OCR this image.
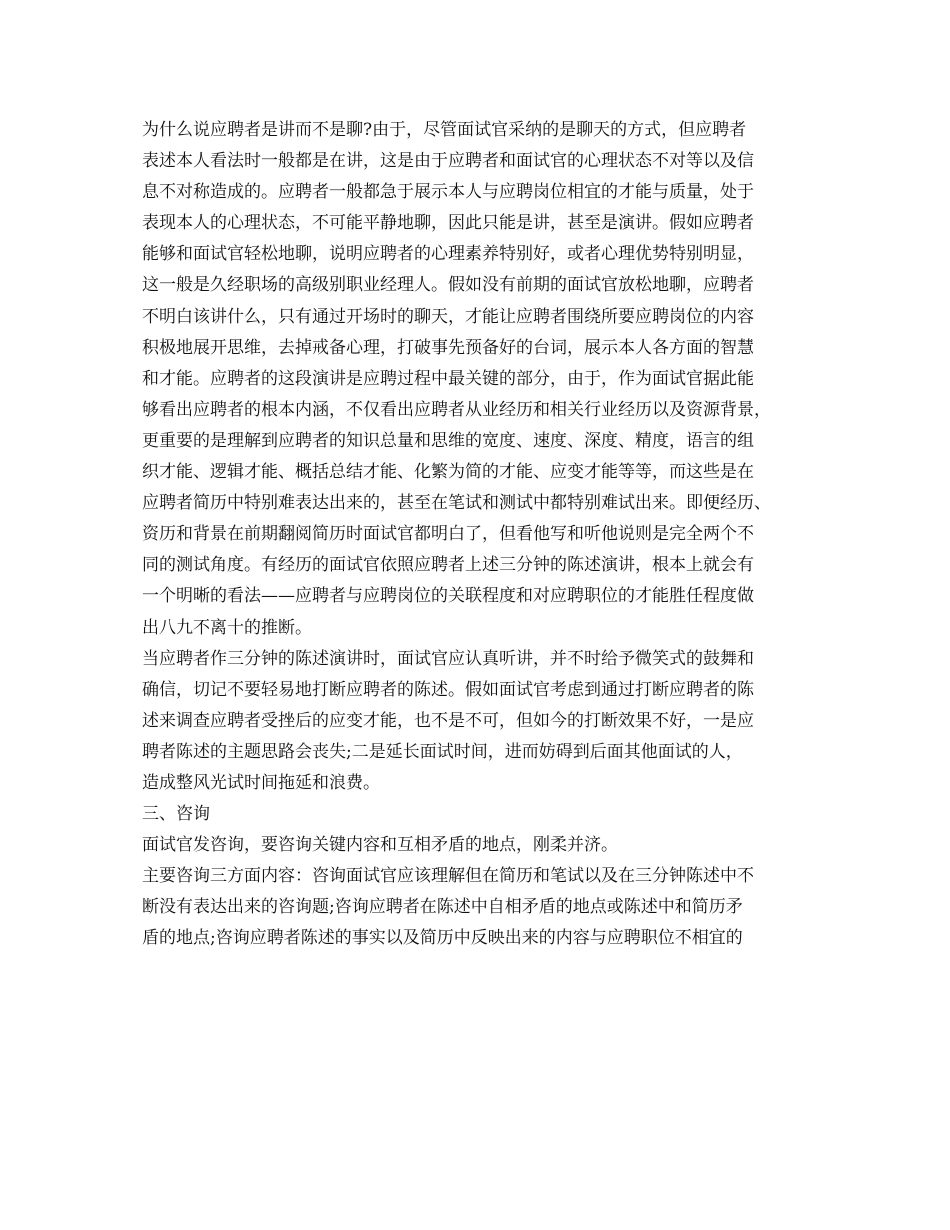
为什么说应聘者是讲而不是聊?由于，尽管面试官采纳的是聊天的方式，但应聘者

表述本人看法时一般都是在讲，这是由于应聘者和面试官的心理状态不对等以及信

息不对称造成的。应聘者一般都急于展示本人与应聘岗位相宜的才能与质量，处于

表现本人的心理状态，不可能平静地聊，因此只能是讲，甚至是演讲。假如应聘者

能够和面试官轻松地聊，说明应聘者的心理素养特别好，或者心理优势特别明显，

这一般是久经职场的高级别职业经理人。假如没有前期的面试官放松地聊，应聘者

不明白该讲什么，只有通过开场时的聊天，才能让应聘者围绕所要应聘岗位的内容

积极地展开思维，去掉戒备心理，打破事先预备好的台词，展示本人各方面的智慧

和才能。应聘者的这段演讲是应聘过程中最关键的部分，由于，作为面试官据此能

够看出应聘者的根本内涵，不仅看出应聘者从业经历和相关行业经历以及资源背景，

更重要的是理解到应聘者的知识总量和思维的宽度、速度、深度、精度，语言的组

织才能、逻辑才能、概括总结才能、化繁为简的才能、应变才能等等，而这些是在

应聘者简历中特别难表达出来的，甚至在笔试和测试中都特别难试出来。即便经历、

资历和背景在前期翻阅简历时面试官都明白了，但看他写和听他说则是完全两个不

同的测试角度。有经历的面试官依照应聘者上述三分钟的陈述演讲，根本上就会有

一个明晰的看法——应聘者与应聘岗位的关联程度和对应聘职位的才能胜任程度做

出八九不离十的推断。

当应聘者作三分钟的陈述演讲时，面试官应认真听讲，并不时给予微笑式的鼓舞和

确信，切记不要轻易地打断应聘者的陈述。假如面试官考虑到通过打断应聘者的陈

述来调查应聘者受挫后的应变才能，也不是不可，但如今的打断效果不好，一是应

聘者陈述的主题思路会丧失;二是延长面试时间，进而妨碍到后面其他面试的人，

造成整风光试时间拖延和浪费。

三、咨询

面试官发咨询，要咨询关键内容和互相矛盾的地点，刚柔并济。

主要咨询三方面内容：咨询面试官应该理解但在简历和笔试以及在三分钟陈述中不

断没有表达出来的咨询题;咨询应聘者在陈述中自相矛盾的地点或陈述中和简历矛

盾的地点;咨询应聘者陈述的事实以及简历中反映出来的内容与应聘职位不相宜的
